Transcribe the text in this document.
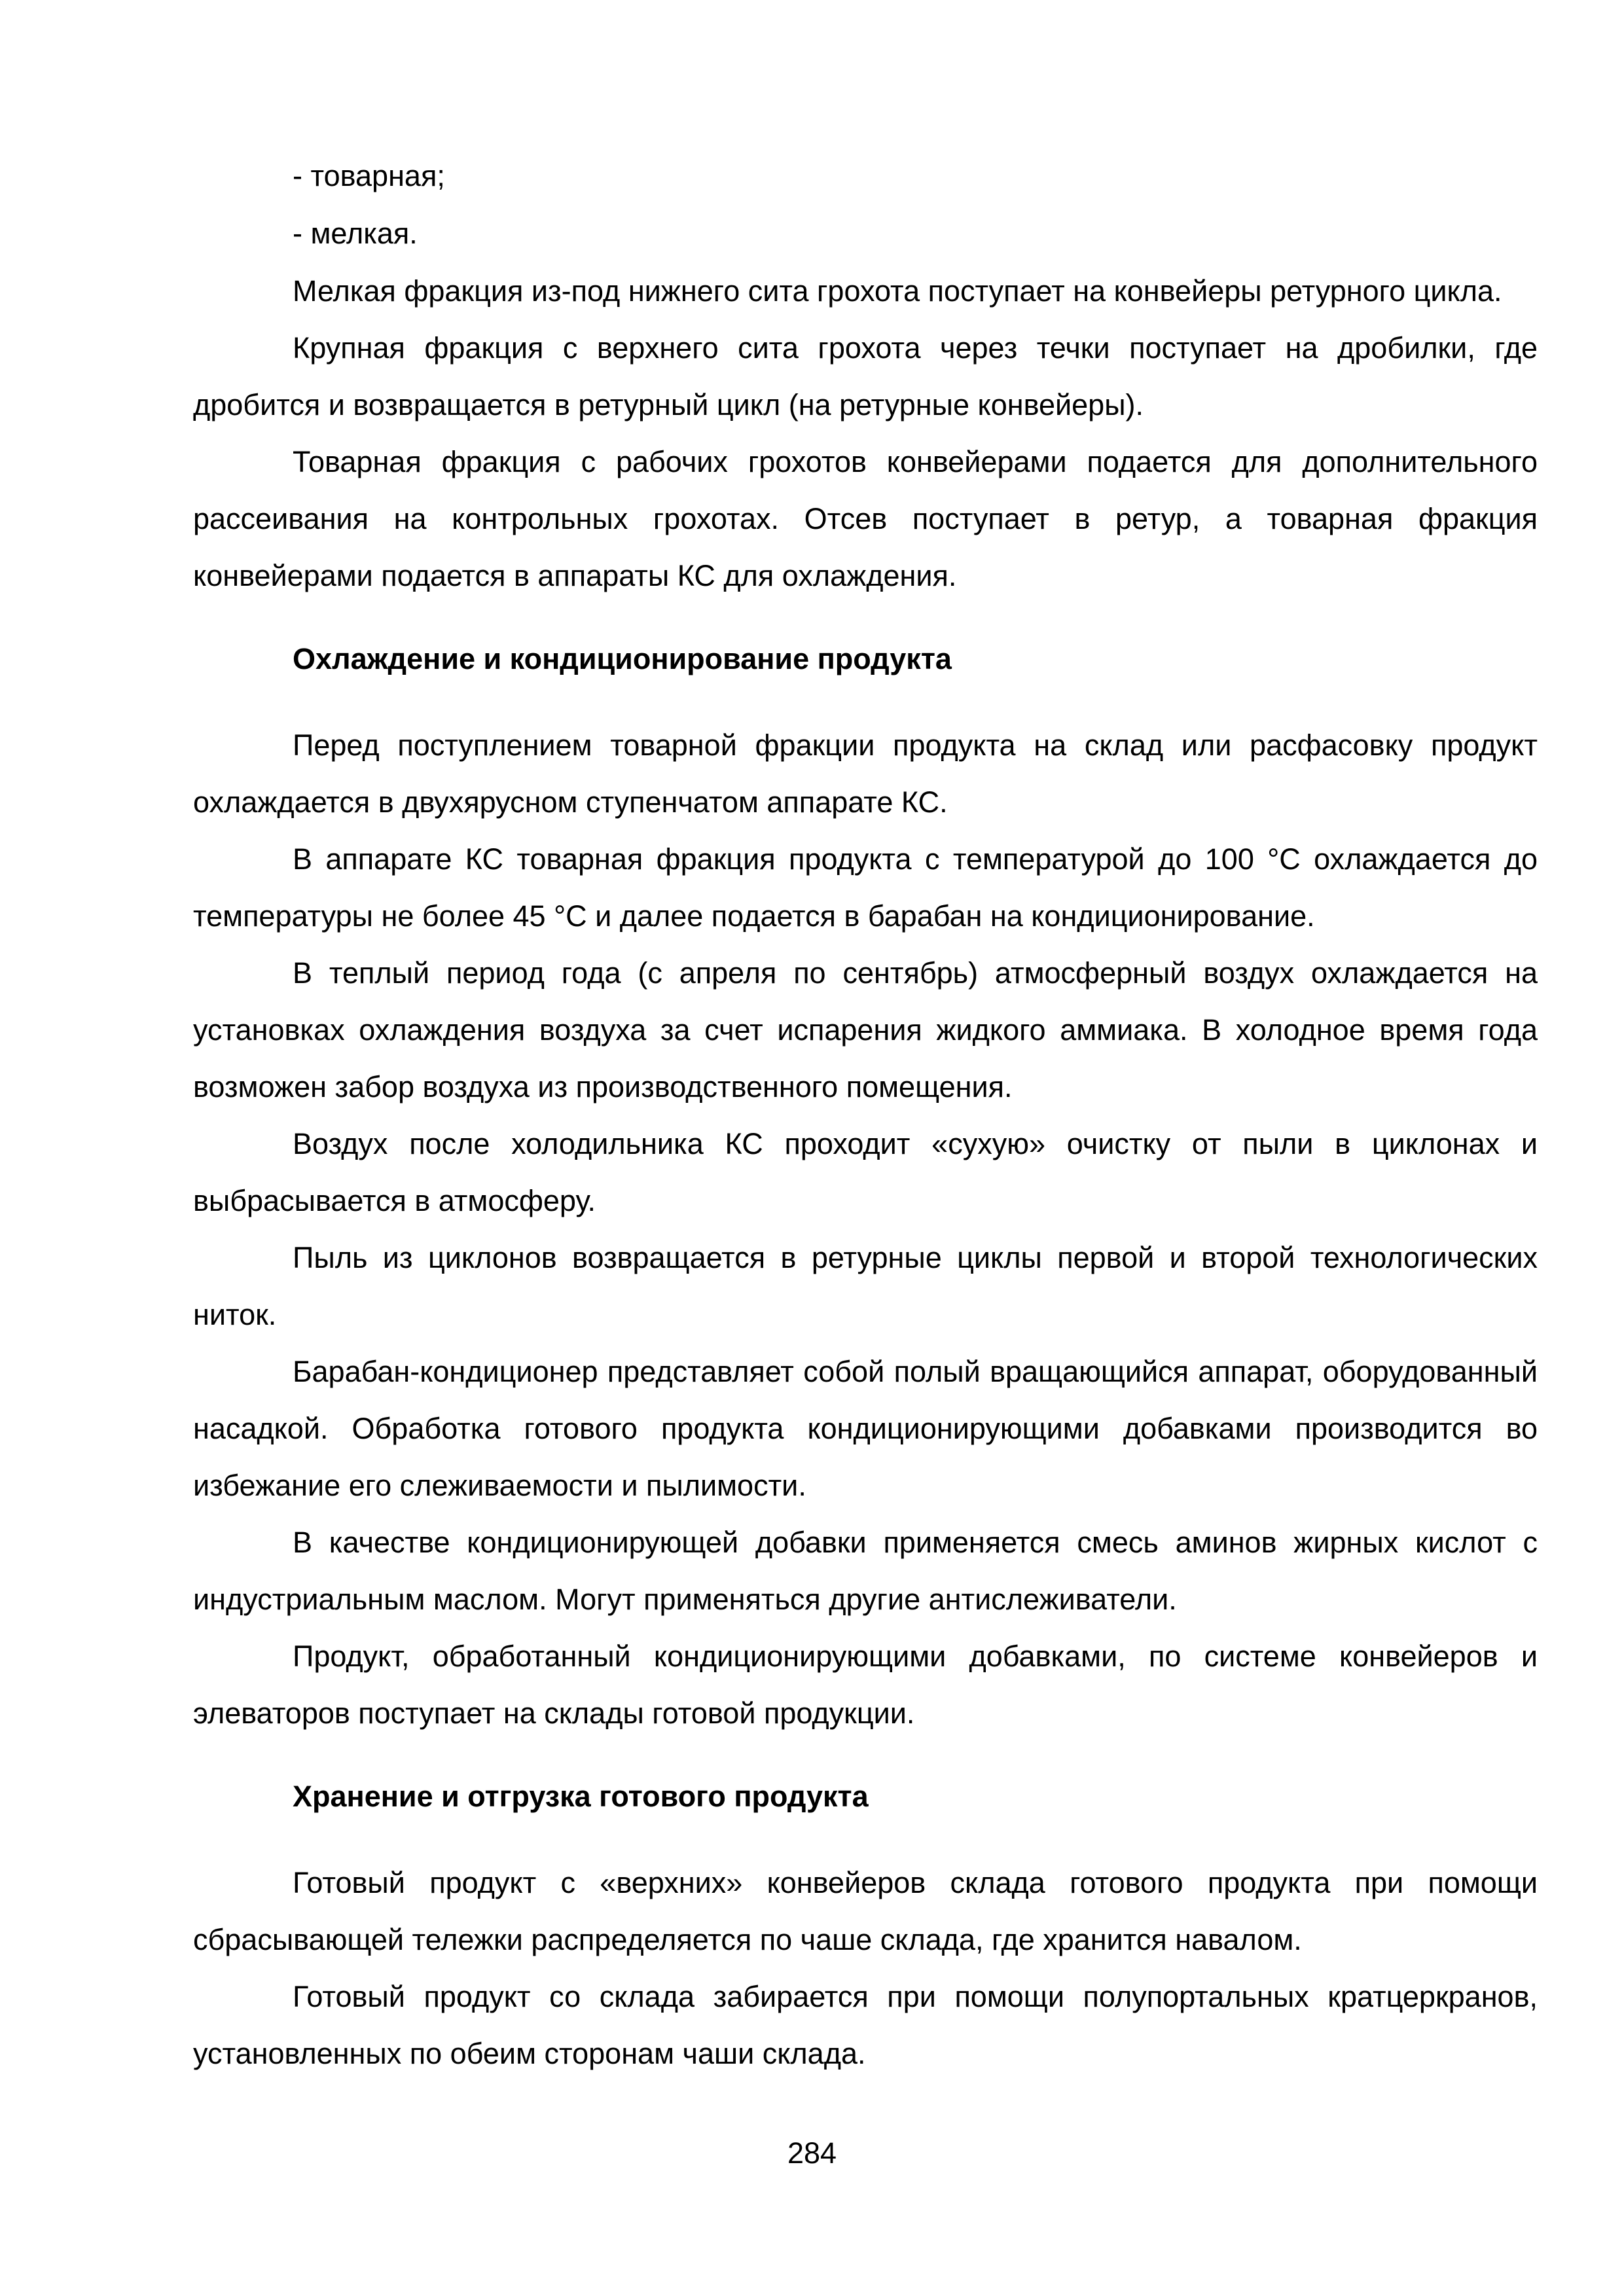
- товарная;

- мелкая.

Мелкая фракция из-под нижнего сита грохота поступает на конвейеры ретурного цикла.

Крупная фракция с верхнего сита грохота через течки поступает на дробилки, где дробится и возвращается в ретурный цикл (на ретурные конвейеры).

Товарная фракция с рабочих грохотов конвейерами подается для дополнительного рассеивания на контрольных грохотах. Отсев поступает в ретур, а товарная фракция конвейерами подается в аппараты КС для охлаждения.

Охлаждение и кондиционирование продукта

Перед поступлением товарной фракции продукта на склад или расфасовку продукт охлаждается в двухярусном ступенчатом аппарате КС.

В аппарате КС товарная фракция продукта с температурой до 100 °С охлаждается до температуры не более 45 °С и далее подается в барабан на кондиционирование.

В теплый период года (с апреля по сентябрь) атмосферный воздух охлаждается на установках охлаждения воздуха за счет испарения жидкого аммиака. В холодное время года возможен забор воздуха из производственного помещения.

Воздух после холодильника КС проходит «сухую» очистку от пыли в циклонах и выбрасывается в атмосферу.

Пыль из циклонов возвращается в ретурные циклы первой и второй технологических ниток.

Барабан-кондиционер представляет собой полый вращающийся аппарат, оборудованный насадкой. Обработка готового продукта кондиционирующими добавками производится во избежание его слеживаемости и пылимости.

В качестве кондиционирующей добавки применяется смесь аминов жирных кислот с индустриальным маслом. Могут применяться другие антислеживатели.

Продукт, обработанный кондиционирующими добавками, по системе конвейеров и элеваторов поступает на склады готовой продукции.

Хранение и отгрузка готового продукта

Готовый продукт с «верхних» конвейеров склада готового продукта при помощи сбрасывающей тележки распределяется по чаше склада, где хранится навалом.

Готовый продукт со склада забирается при помощи полупортальных кратцеркранов, установленных по обеим сторонам чаши склада.

284
